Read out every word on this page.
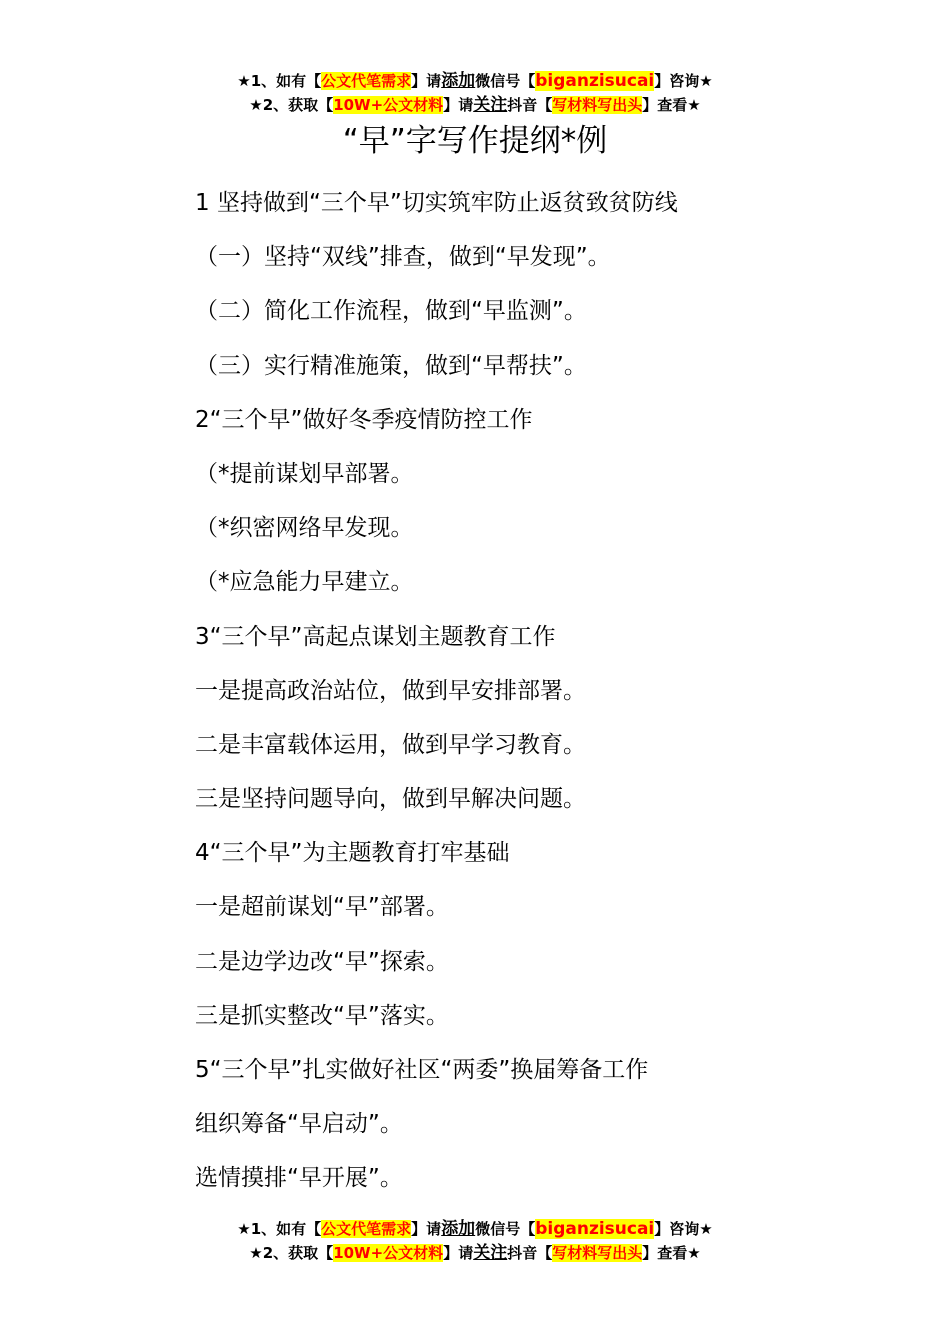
★1、如有【公文代笔需求】请添加微信号【biganzisucai】咨询★
★2、获取【10W+公文材料】请关注抖音【写材料写出头】查看★
“早”字写作提纲*例
1 坚持做到“三个早”切实筑牢防止返贫致贫防线
（一）坚持“双线”排查，做到“早发现”。
（二）简化工作流程，做到“早监测”。
（三）实行精准施策，做到“早帮扶”。
2“三个早”做好冬季疫情防控工作
（*提前谋划早部署。
（*织密网络早发现。
（*应急能力早建立。
3“三个早”高起点谋划主题教育工作
一是提高政治站位，做到早安排部署。
二是丰富载体运用，做到早学习教育。
三是坚持问题导向，做到早解决问题。
4“三个早”为主题教育打牢基础
一是超前谋划“早”部署。
二是边学边改“早”探索。
三是抓实整改“早”落实。
5“三个早”扎实做好社区“两委”换届筹备工作
组织筹备“早启动”。
选情摸排“早开展”。
★1、如有【公文代笔需求】请添加微信号【biganzisucai】咨询★
★2、获取【10W+公文材料】请关注抖音【写材料写出头】查看★
